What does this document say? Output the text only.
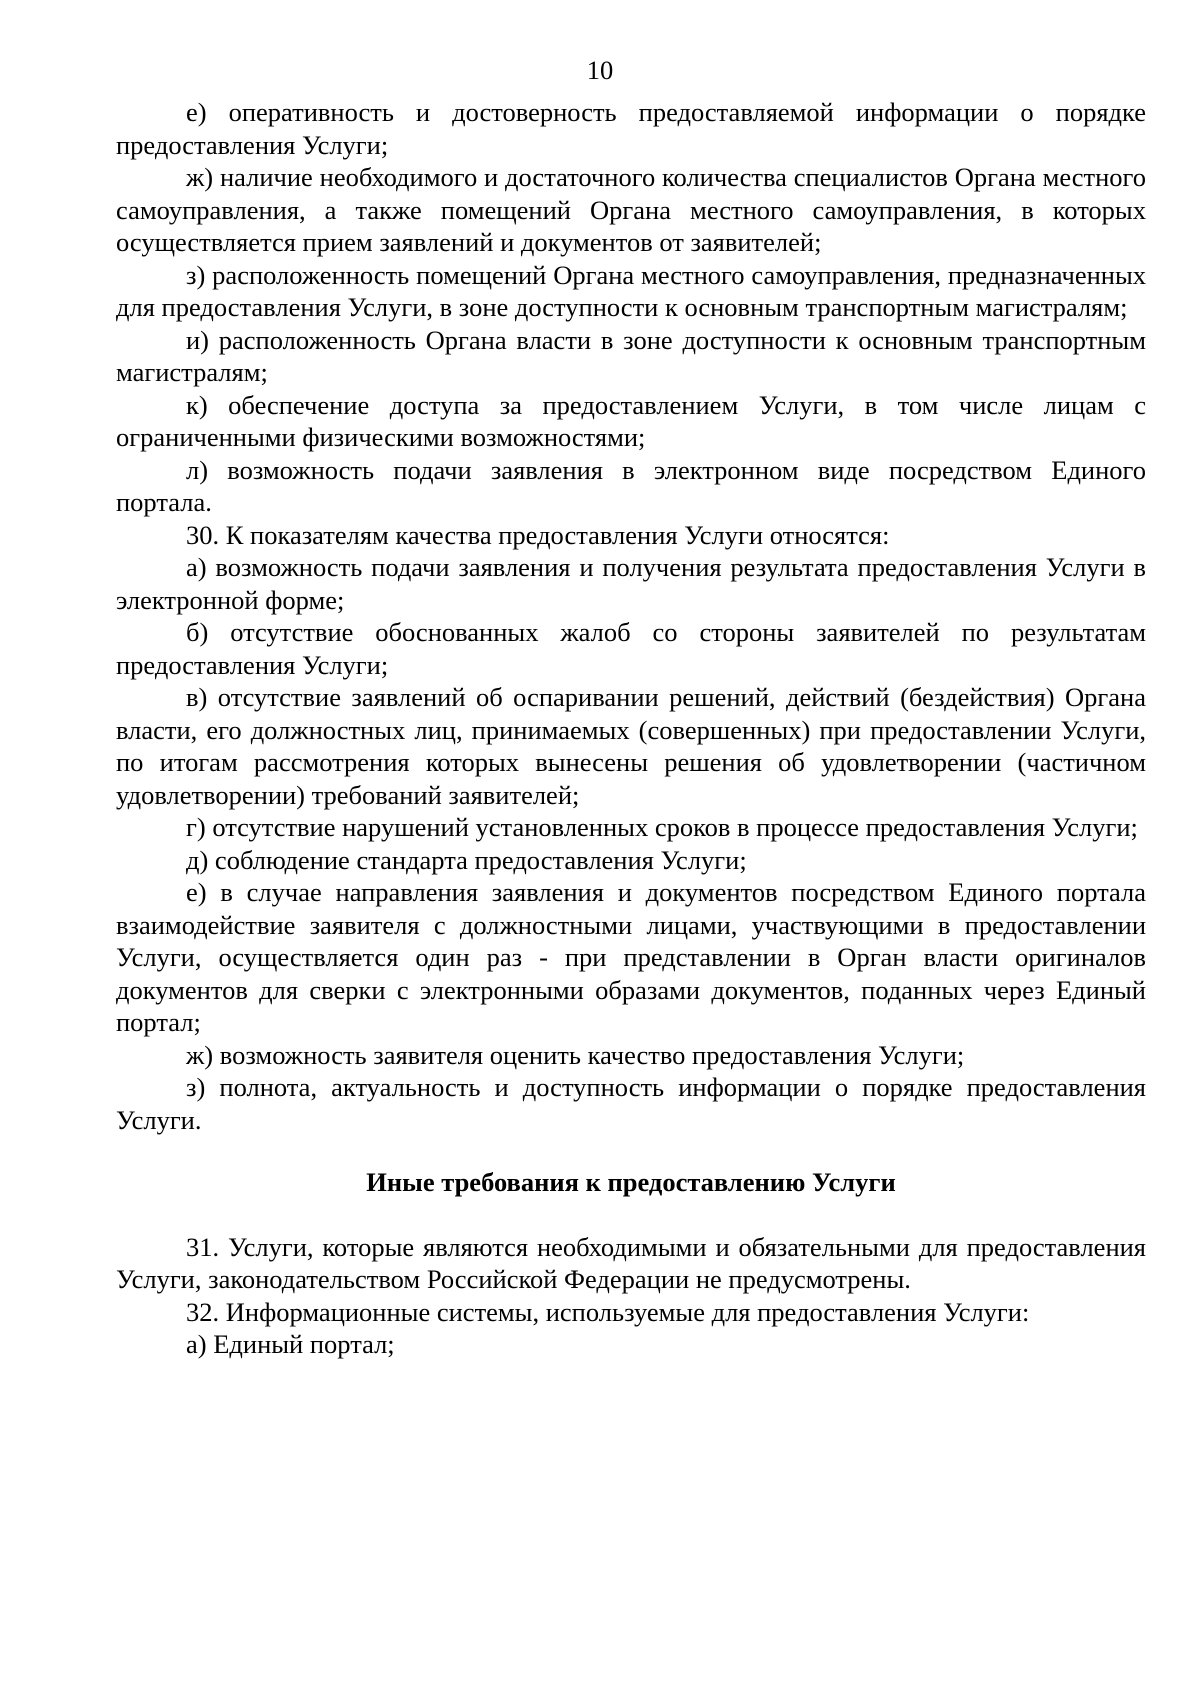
10

е) оперативность и достоверность предоставляемой информации о порядке предоставления Услуги;

ж) наличие необходимого и достаточного количества специалистов Органа местного самоуправления, а также помещений Органа местного самоуправления, в которых осуществляется прием заявлений и документов от заявителей;

з) расположенность помещений Органа местного самоуправления, предназначенных для предоставления Услуги, в зоне доступности к основным транспортным магистралям;

и) расположенность Органа власти в зоне доступности к основным транспортным магистралям;

к) обеспечение доступа за предоставлением Услуги, в том числе лицам с ограниченными физическими возможностями;

л) возможность подачи заявления в электронном виде посредством Единого портала.

30. К показателям качества предоставления Услуги относятся:

а) возможность подачи заявления и получения результата предоставления Услуги в электронной форме;

б) отсутствие обоснованных жалоб со стороны заявителей по результатам предоставления Услуги;

в) отсутствие заявлений об оспаривании решений, действий (бездействия) Органа власти, его должностных лиц, принимаемых (совершенных) при предоставлении Услуги, по итогам рассмотрения которых вынесены решения об удовлетворении (частичном удовлетворении) требований заявителей;

г) отсутствие нарушений установленных сроков в процессе предоставления Услуги;

д) соблюдение стандарта предоставления Услуги;

е) в случае направления заявления и документов посредством Единого портала взаимодействие заявителя с должностными лицами, участвующими в предоставлении Услуги, осуществляется один раз - при представлении в Орган власти оригиналов документов для сверки с электронными образами документов, поданных через Единый портал;

ж) возможность заявителя оценить качество предоставления Услуги;

з) полнота, актуальность и доступность информации о порядке предоставления Услуги.

Иные требования к предоставлению Услуги

31. Услуги, которые являются необходимыми и обязательными для предоставления Услуги, законодательством Российской Федерации не предусмотрены.

32. Информационные системы, используемые для предоставления Услуги:

а) Единый портал;
